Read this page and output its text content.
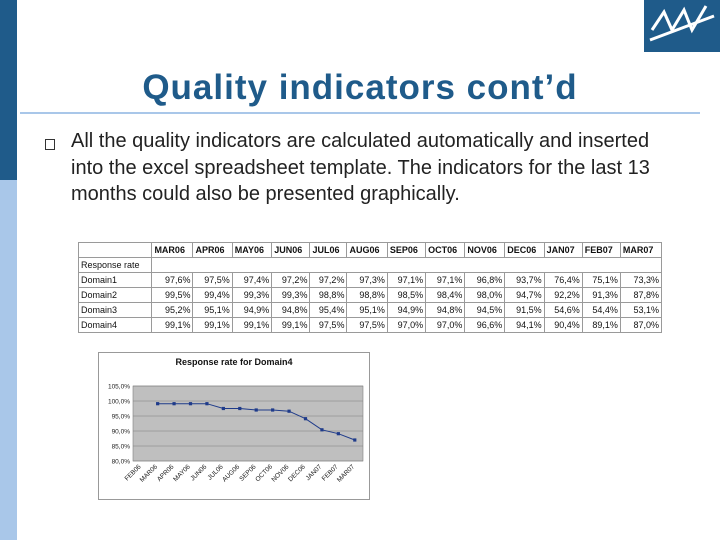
Quality indicators cont’d
All the quality indicators are calculated automatically and inserted into the excel spreadsheet template. The indicators for the last 13 months could also be presented graphically.
	MAR06	APR06	MAY06	JUN06	JUL06	AUG06	SEP06	OCT06	NOV06	DEC06	JAN07	FEB07	MAR07
Response rate													
Domain1	97,6%	97,5%	97,4%	97,2%	97,2%	97,3%	97,1%	97,1%	96,8%	93,7%	76,4%	75,1%	73,3%
Domain2	99,5%	99,4%	99,3%	99,3%	98,8%	98,8%	98,5%	98,4%	98,0%	94,7%	92,2%	91,3%	87,8%
Domain3	95,2%	95,1%	94,9%	94,8%	95,4%	95,1%	94,9%	94,8%	94,5%	91,5%	54,6%	54,4%	53,1%
Domain4	99,1%	99,1%	99,1%	99,1%	97,5%	97,5%	97,0%	97,0%	96,6%	94,1%	90,4%	89,1%	87,0%
Response rate for Domain4
105,0%
100,0%
95,0%
90,0%
85,0%
80,0%
FEB06
MAR06
APR06
MAY06
JUN06
JUL06
AUG06
SEP06
OCT06
NOV06
DEC06
JAN07
FEB07
MAR07
